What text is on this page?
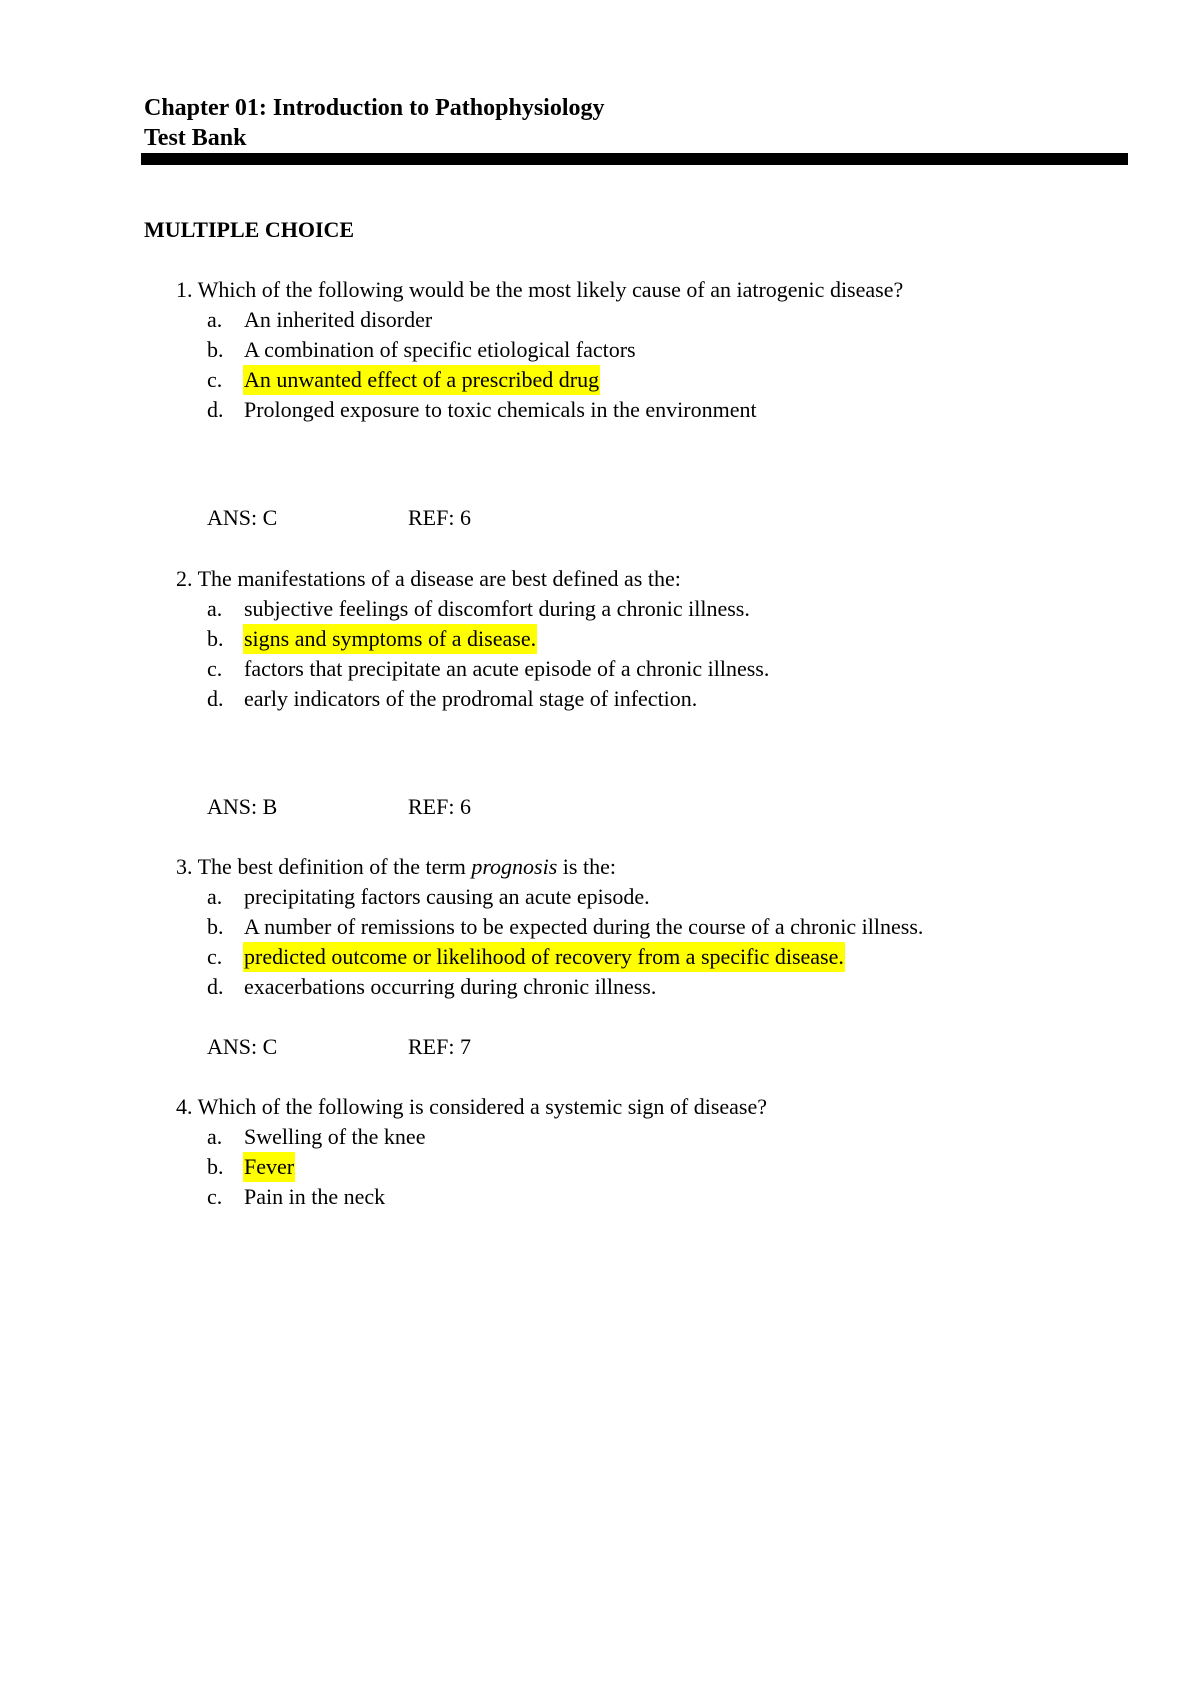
Chapter 01: Introduction to Pathophysiology
Test Bank
MULTIPLE CHOICE
1. Which of the following would be the most likely cause of an iatrogenic disease?
a. An inherited disorder
b. A combination of specific etiological factors
c. An unwanted effect of a prescribed drug
d. Prolonged exposure to toxic chemicals in the environment
ANS: C	REF: 6
2. The manifestations of a disease are best defined as the:
a. subjective feelings of discomfort during a chronic illness.
b. signs and symptoms of a disease.
c. factors that precipitate an acute episode of a chronic illness.
d. early indicators of the prodromal stage of infection.
ANS: B	REF: 6
3. The best definition of the term prognosis is the:
a. precipitating factors causing an acute episode.
b. A number of remissions to be expected during the course of a chronic illness.
c. predicted outcome or likelihood of recovery from a specific disease.
d. exacerbations occurring during chronic illness.
ANS: C	REF: 7
4. Which of the following is considered a systemic sign of disease?
a. Swelling of the knee
b. Fever
c. Pain in the neck
